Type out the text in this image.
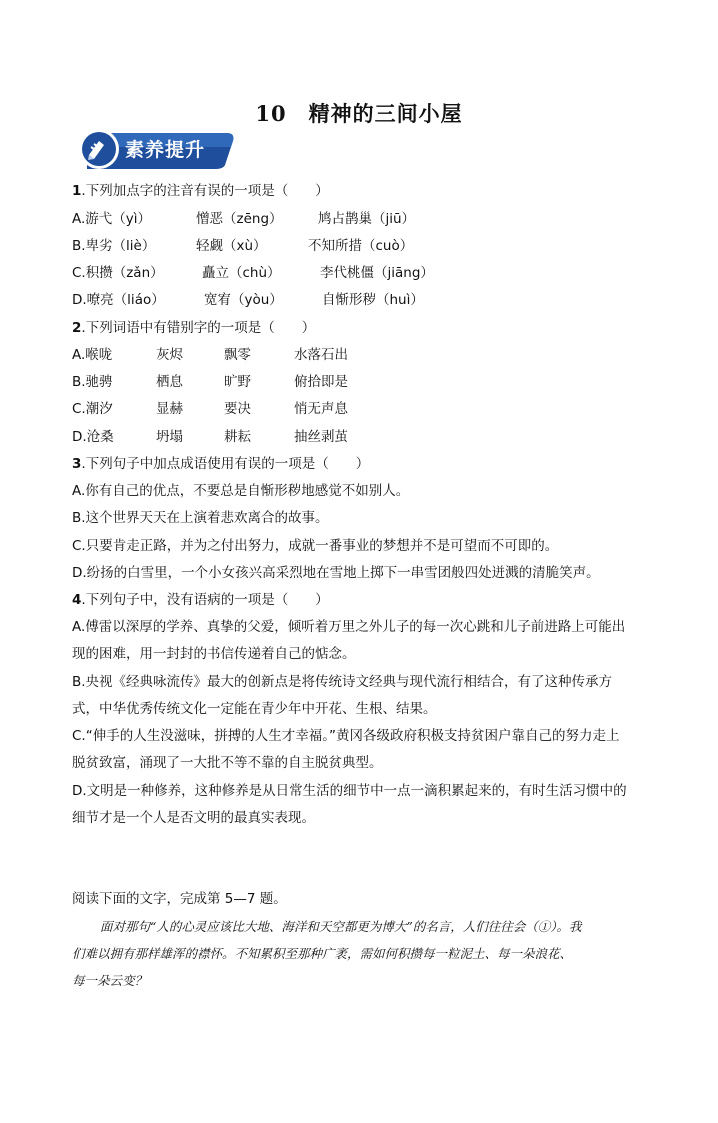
10　精神的三间小屋
素养提升
1.下列加点字的注音有误的一项是（　　）
A.游弋（yì）	憎恶（zēng）	鸠占鹊巢（jiū）
B.卑劣（liè）	轻觑（xù）	不知所措（cuò）
C.积攒（zǎn）	矗立（chù）	李代桃僵（jiāng）
D.嘹亮（liáo）	宽宥（yòu）	自惭形秽（huì）
2.下列词语中有错别字的一项是（　　）
A.喉咙	灰烬	飘零	水落石出
B.驰骋	栖息	旷野	俯拾即是
C.潮汐	显赫	要决	悄无声息
D.沧桑	坍塌	耕耘	抽丝剥茧
3.下列句子中加点成语使用有误的一项是（　　）
A.你有自己的优点，不要总是自惭形秽地感觉不如别人。
B.这个世界天天在上演着悲欢离合的故事。
C.只要肯走正路，并为之付出努力，成就一番事业的梦想并不是可望而不可即的。
D.纷扬的白雪里，一个小女孩兴高采烈地在雪地上掷下一串雪团般四处迸溅的清脆笑声。
4.下列句子中，没有语病的一项是（　　）
A.傅雷以深厚的学养、真挚的父爱，倾听着万里之外儿子的每一次心跳和儿子前进路上可能出
现的困难，用一封封的书信传递着自己的惦念。
B.央视《经典咏流传》最大的创新点是将传统诗文经典与现代流行相结合，有了这种传承方
式，中华优秀传统文化一定能在青少年中开花、生根、结果。
C.“伸手的人生没滋味，拼搏的人生才幸福。”黄冈各级政府积极支持贫困户靠自己的努力走上
脱贫致富，涌现了一大批不等不靠的自主脱贫典型。
D.文明是一种修养，这种修养是从日常生活的细节中一点一滴积累起来的，有时生活习惯中的
细节才是一个人是否文明的最真实表现。
阅读下面的文字，完成第 5—7 题。
面对那句“人的心灵应该比大地、海洋和天空都更为博大”的名言，人们往往会（①）。我
们难以拥有那样雄浑的襟怀。不知累积至那种广袤，需如何积攒每一粒泥土、每一朵浪花、
每一朵云变？
